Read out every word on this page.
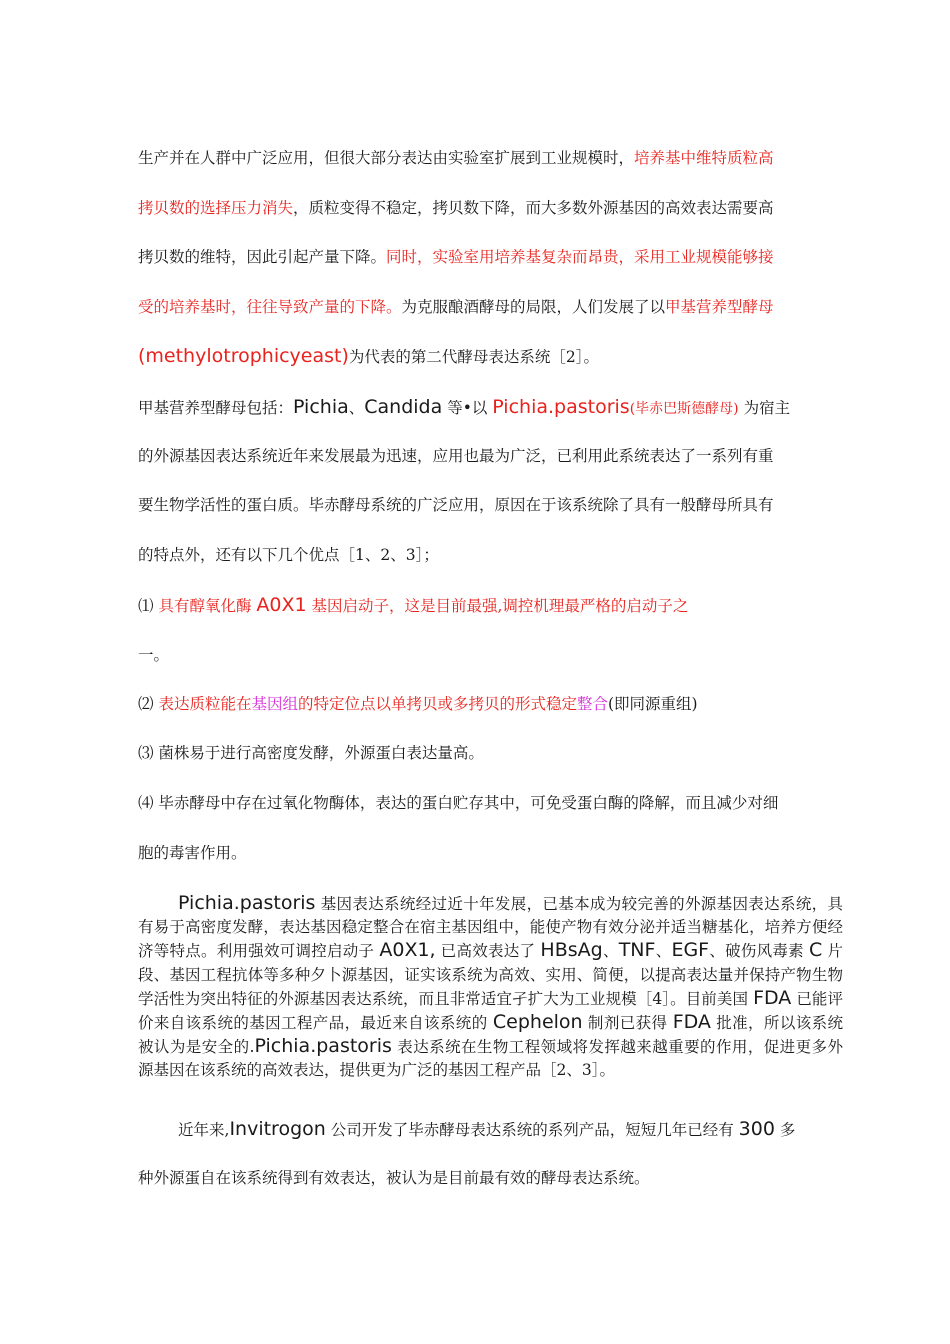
生产并在人群中广泛应用，但很大部分表达由实验室扩展到工业规模时，培养基中维特质粒高
拷贝数的选择压力消失，质粒变得不稳定，拷贝数下降，而大多数外源基因的高效表达需要高
拷贝数的维特，因此引起产量下降。同时，实验室用培养基复杂而昂贵，采用工业规模能够接
受的培养基时，往往导致产量的下降。为克服酿酒酵母的局限，人们发展了以甲基营养型酵母
(methylotrophicyeast)为代表的第二代酵母表达系统［2］。
甲基营养型酵母包括：Pichia、Candida 等•以 Pichia.pastoris(毕赤巴斯德酵母) 为宿主
的外源基因表达系统近年来发展最为迅速，应用也最为广泛，已利用此系统表达了一系列有重
要生物学活性的蛋白质。毕赤酵母系统的广泛应用，原因在于该系统除了具有一般酵母所具有
的特点外，还有以下几个优点［1、2、3］；
⑴ 具有醇氧化酶 A0X1 基因启动子，这是目前最强,调控机理最严格的启动子之
一。
⑵ 表达质粒能在基因组的特定位点以单拷贝或多拷贝的形式稳定整合(即同源重组)
⑶ 菌株易于进行高密度发酵，外源蛋白表达量高。
⑷ 毕赤酵母中存在过氧化物酶体，表达的蛋白贮存其中，可免受蛋白酶的降解，而且减少对细
胞的毒害作用。
Pichia.pastoris 基因表达系统经过近十年发展，已基本成为较完善的外源基因表达系统，具有易于高密度发酵，表达基因稳定整合在宿主基因组中，能使产物有效分泌并适当糖基化，培养方便经济等特点。利用强效可调控启动子 A0X1, 已高效表达了 HBsAg、TNF、EGF、破伤风毒素 C 片段、基因工程抗体等多种夕卜源基因，证实该系统为高效、实用、简便，以提高表达量并保持产物生物学活性为突出特征的外源基因表达系统，而且非常适宜孑扩大为工业规模［4］。目前美国 FDA 已能评价来自该系统的基因工程产品，最近来自该系统的 Cephelon 制剂已获得 FDA 批准，所以该系统被认为是安全的.Pichia.pastoris 表达系统在生物工程领域将发挥越来越重要的作用，促进更多外源基因在该系统的高效表达，提供更为广泛的基因工程产品［2、3］。
近年来,Invitrogon 公司开发了毕赤酵母表达系统的系列产品，短短几年已经有 300 多
种外源蛋自在该系统得到有效表达，被认为是目前最有效的酵母表达系统。
